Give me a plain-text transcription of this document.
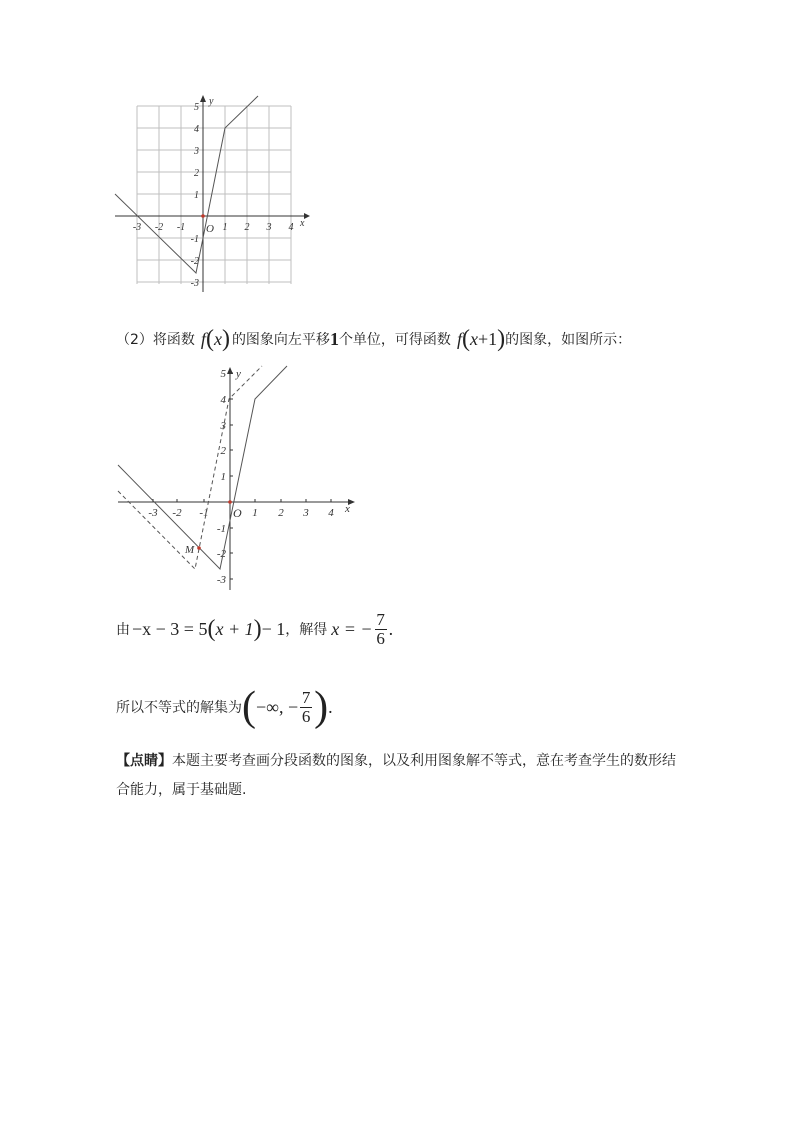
-3 -2 -1	1 2 3 4
5
4
3
2
1
-1
-2
-3
x
y
O
（2）将函数 f ( x ) 的图象向左平移 1 个单位，可得函数 f ( x +1 ) 的图象，如图所示：
-3 -2 -1	1 2 3 4
5
4
3
2
1
-1
-2
-3
x
y
O
M
由 −x − 3 = 5 ( x + 1 ) − 1 ，解得 x = − $\frac{7}{6}$ .
所以不等式的解集为 ( −∞, − $\frac{7}{6}$ ) .
【点睛】本题主要考查画分段函数的图象，以及利用图象解不等式，意在考查学生的数形结
合能力，属于基础题.
